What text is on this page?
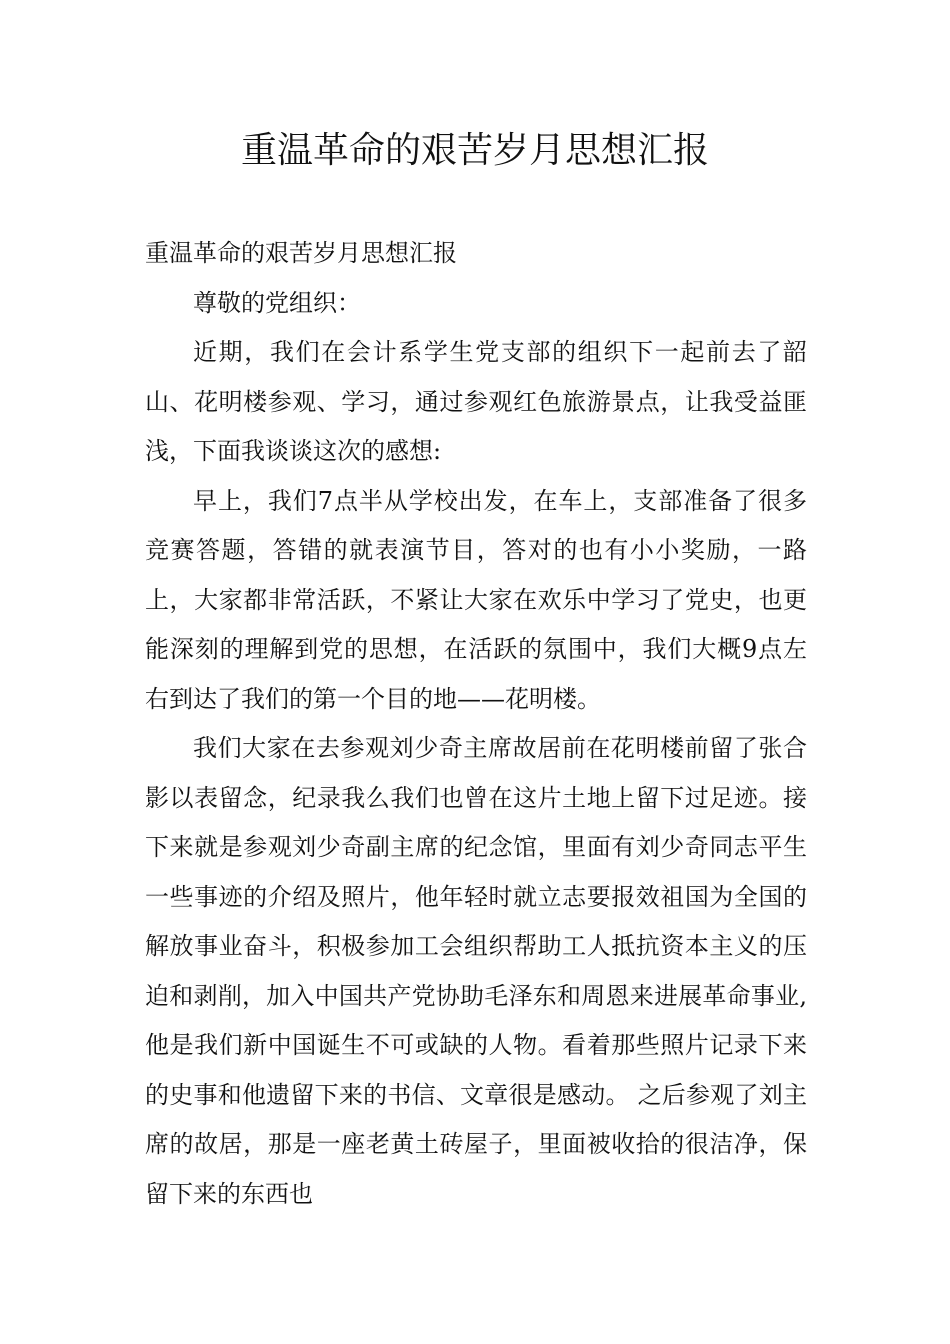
重温革命的艰苦岁月思想汇报

重温革命的艰苦岁月思想汇报

尊敬的党组织：

近期，我们在会计系学生党支部的组织下一起前去了韶山、花明楼参观、学习，通过参观红色旅游景点，让我受益匪浅，下面我谈谈这次的感想:

早上，我们7点半从学校出发，在车上，支部准备了很多竞赛答题，答错的就表演节目，答对的也有小小奖励，一路上，大家都非常活跃，不紧让大家在欢乐中学习了党史，也更能深刻的理解到党的思想，在活跃的氛围中，我们大概9点左右到达了我们的第一个目的地——花明楼。

我们大家在去参观刘少奇主席故居前在花明楼前留了张合影以表留念，纪录我么我们也曾在这片土地上留下过足迹。接下来就是参观刘少奇副主席的纪念馆，里面有刘少奇同志平生一些事迹的介绍及照片，他年轻时就立志要报效祖国为全国的解放事业奋斗，积极参加工会组织帮助工人抵抗资本主义的压迫和剥削，加入中国共产党协助毛泽东和周恩来进展革命事业,他是我们新中国诞生不可或缺的人物。看着那些照片记录下来的史事和他遗留下来的书信、文章很是感动。 之后参观了刘主席的故居，那是一座老黄土砖屋子，里面被收拾的很洁净，保留下来的东西也
